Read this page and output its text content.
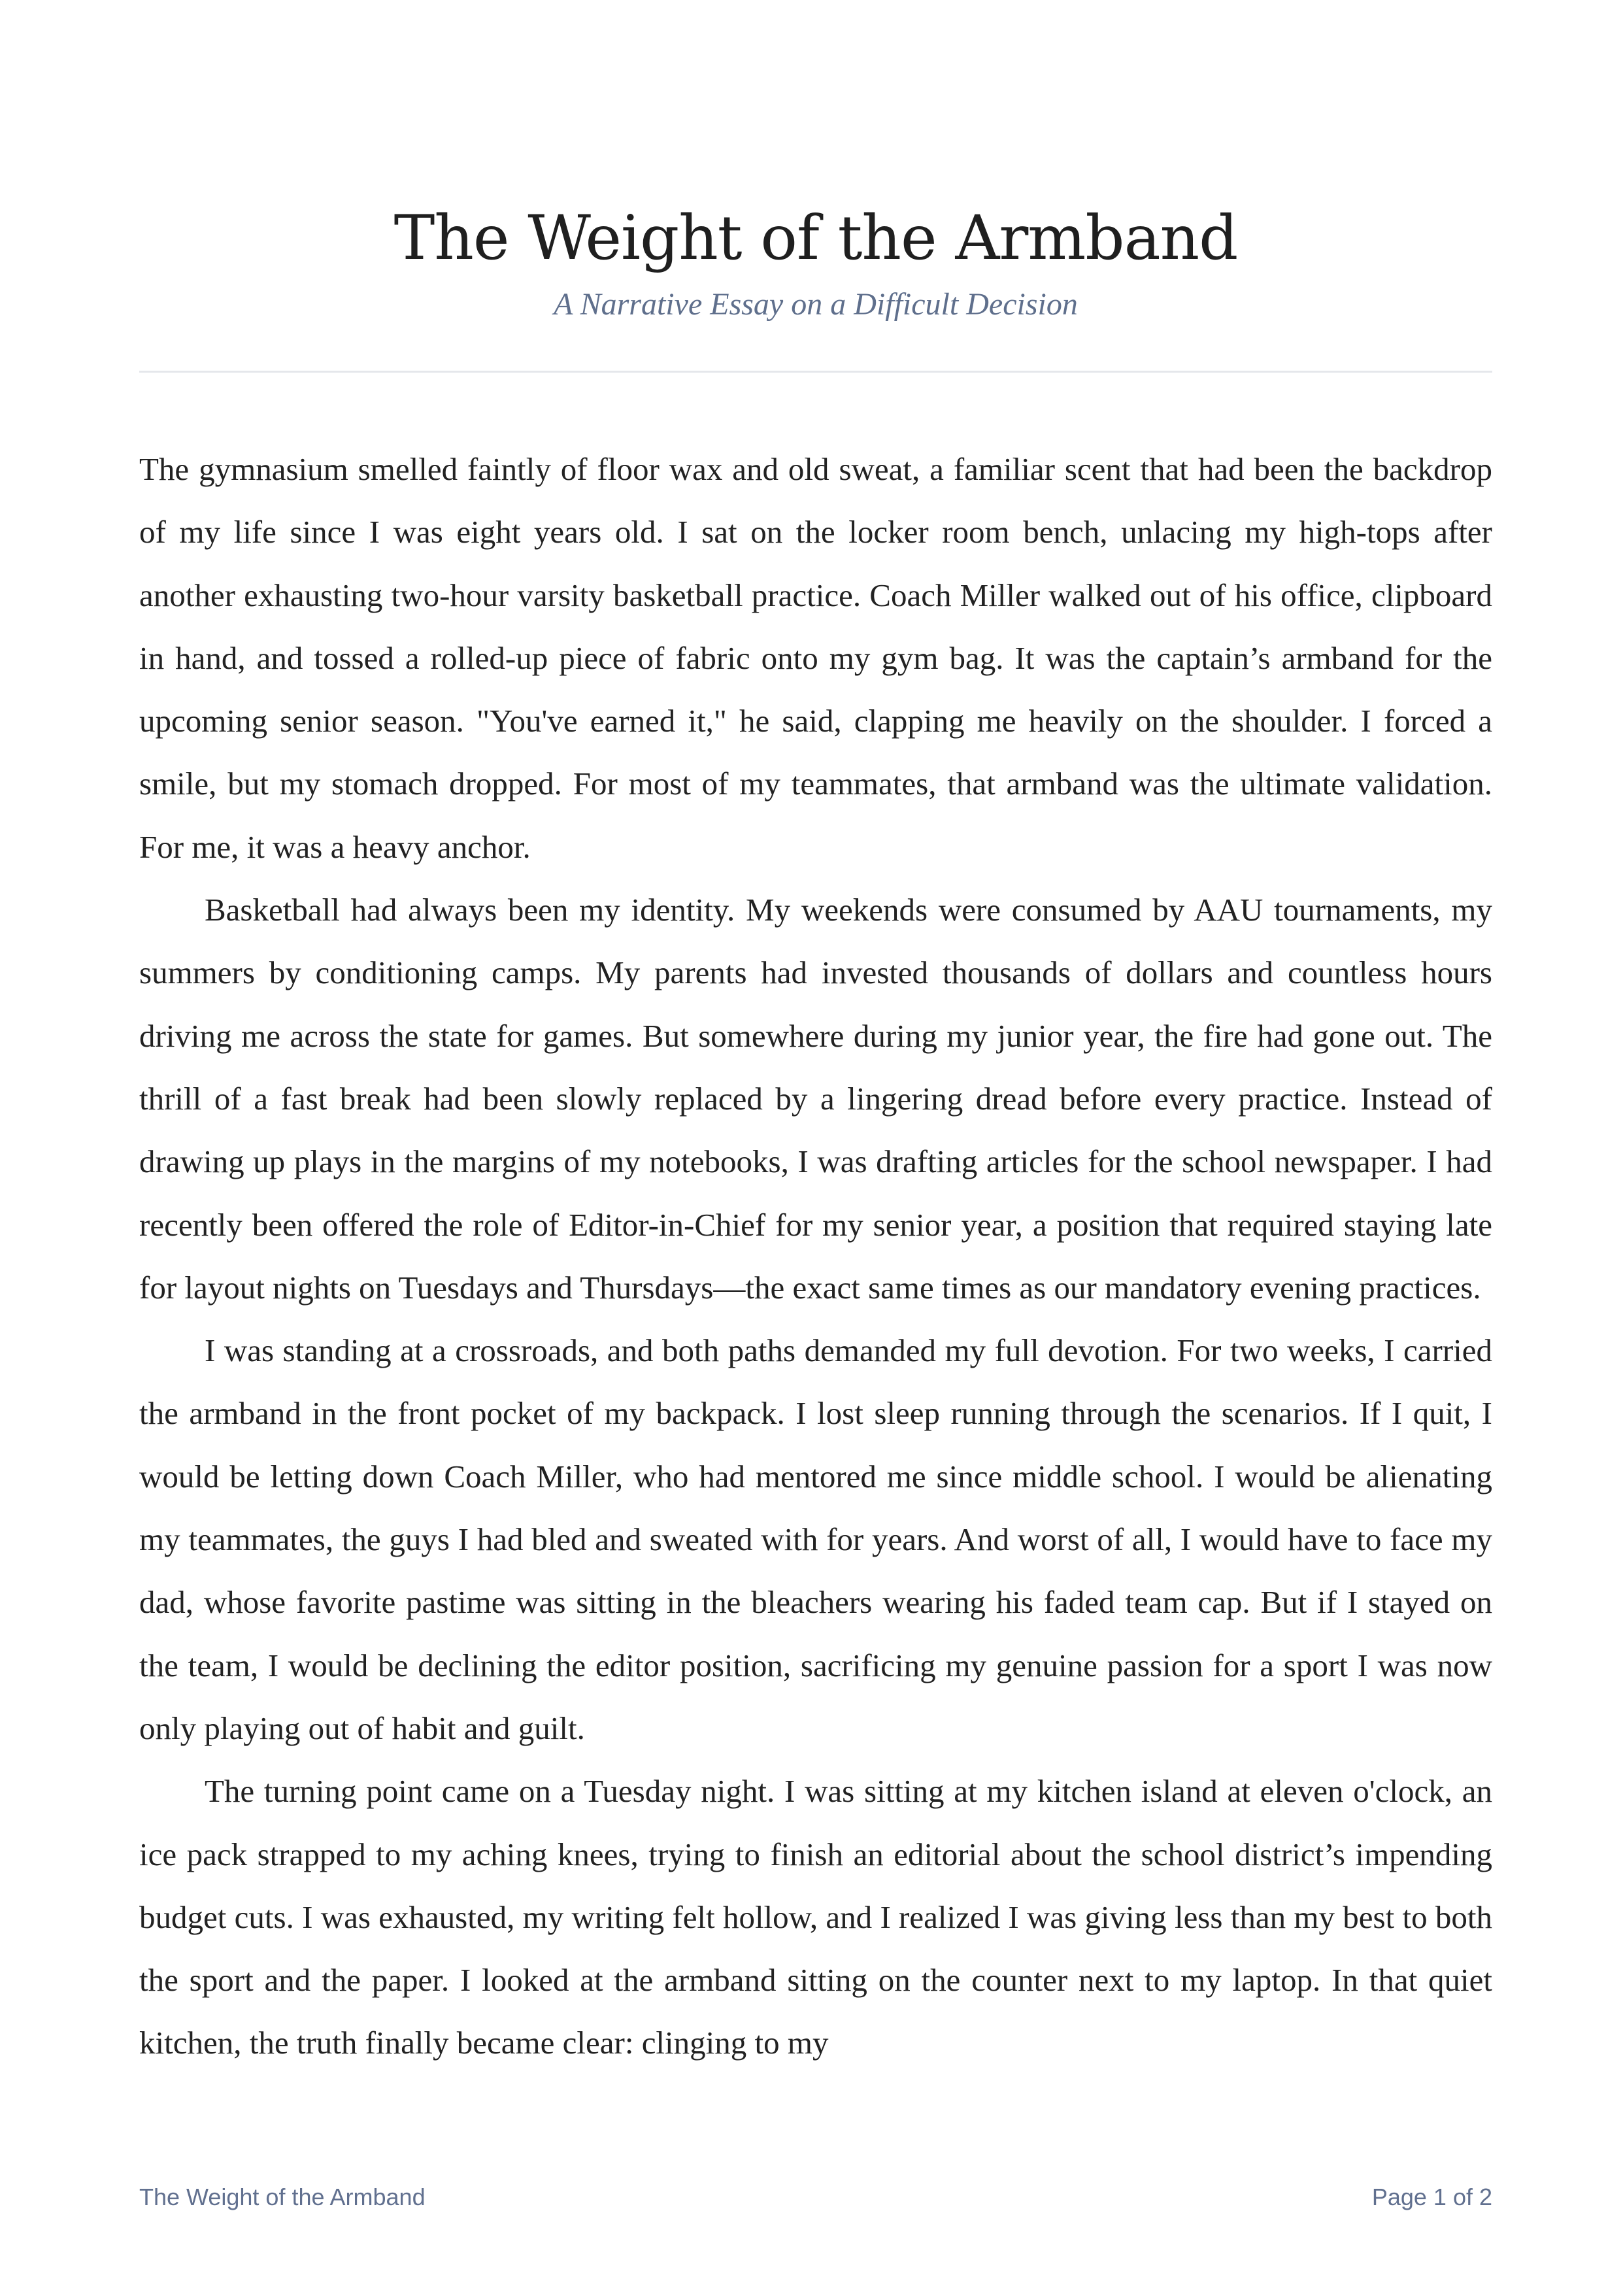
The Weight of the Armband
A Narrative Essay on a Difficult Decision

The gymnasium smelled faintly of floor wax and old sweat, a familiar scent that had been the backdrop of my life since I was eight years old. I sat on the locker room bench, unlacing my high-tops after another exhausting two-hour varsity basketball practice. Coach Miller walked out of his office, clipboard in hand, and tossed a rolled-up piece of fabric onto my gym bag. It was the captain’s armband for the upcoming senior season. "You've earned it," he said, clapping me heavily on the shoulder. I forced a smile, but my stomach dropped. For most of my teammates, that armband was the ultimate validation. For me, it was a heavy anchor.

Basketball had always been my identity. My weekends were consumed by AAU tournaments, my summers by conditioning camps. My parents had invested thousands of dollars and countless hours driving me across the state for games. But somewhere during my junior year, the fire had gone out. The thrill of a fast break had been slowly replaced by a lingering dread before every practice. Instead of drawing up plays in the margins of my notebooks, I was drafting articles for the school newspaper. I had recently been offered the role of Editor-in-Chief for my senior year, a position that required staying late for layout nights on Tuesdays and Thursdays—the exact same times as our mandatory evening practices.

I was standing at a crossroads, and both paths demanded my full devotion. For two weeks, I carried the armband in the front pocket of my backpack. I lost sleep running through the scenarios. If I quit, I would be letting down Coach Miller, who had mentored me since middle school. I would be alienating my teammates, the guys I had bled and sweated with for years. And worst of all, I would have to face my dad, whose favorite pastime was sitting in the bleachers wearing his faded team cap. But if I stayed on the team, I would be declining the editor position, sacrificing my genuine passion for a sport I was now only playing out of habit and guilt.

The turning point came on a Tuesday night. I was sitting at my kitchen island at eleven o'clock, an ice pack strapped to my aching knees, trying to finish an editorial about the school district’s impending budget cuts. I was exhausted, my writing felt hollow, and I realized I was giving less than my best to both the sport and the paper. I looked at the armband sitting on the counter next to my laptop. In that quiet kitchen, the truth finally became clear: clinging to my

The Weight of the Armband	Page 1 of 2
